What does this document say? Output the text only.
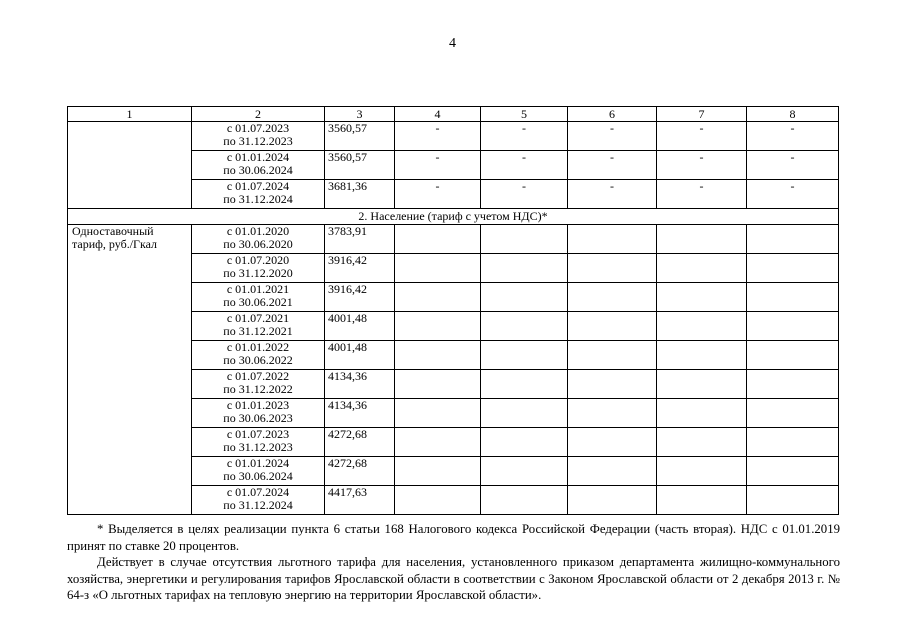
4
1	2	3	4	5	6	7	8

	с 01.07.2023
по 31.12.2023	3560,57	-	-	-	-	-

	с 01.01.2024
по 30.06.2024	3560,57	-	-	-	-	-

	с 01.07.2024
по 31.12.2024	3681,36	-	-	-	-	-
2. Население (тариф с учетом НДС)*							
Одноставочный тариф, руб./Гкал	с 01.01.2020
по 30.06.2020	3783,91					

	с 01.07.2020
по 31.12.2020	3916,42					

	с 01.01.2021
по 30.06.2021	3916,42					

	с 01.07.2021
по 31.12.2021	4001,48					

	с 01.01.2022
по 30.06.2022	4001,48					

	с 01.07.2022
по 31.12.2022	4134,36					

	с 01.01.2023
по 30.06.2023	4134,36					

	с 01.07.2023
по 31.12.2023	4272,68					

	с 01.01.2024
по 30.06.2024	4272,68					

	с 01.07.2024
по 31.12.2024	4417,63					

* Выделяется в целях реализации пункта 6 статьи 168 Налогового кодекса Российской Федерации (часть вторая). НДС с 01.01.2019 принят по ставке 20 процентов.

Действует в случае отсутствия льготного тарифа для населения, установленного приказом департамента жилищно-коммунального хозяйства, энергетики и регулирования тарифов Ярославской области в соответствии с Законом Ярославской области от 2 декабря 2013 г. № 64-з «О льготных тарифах на тепловую энергию на территории Ярославской области».
